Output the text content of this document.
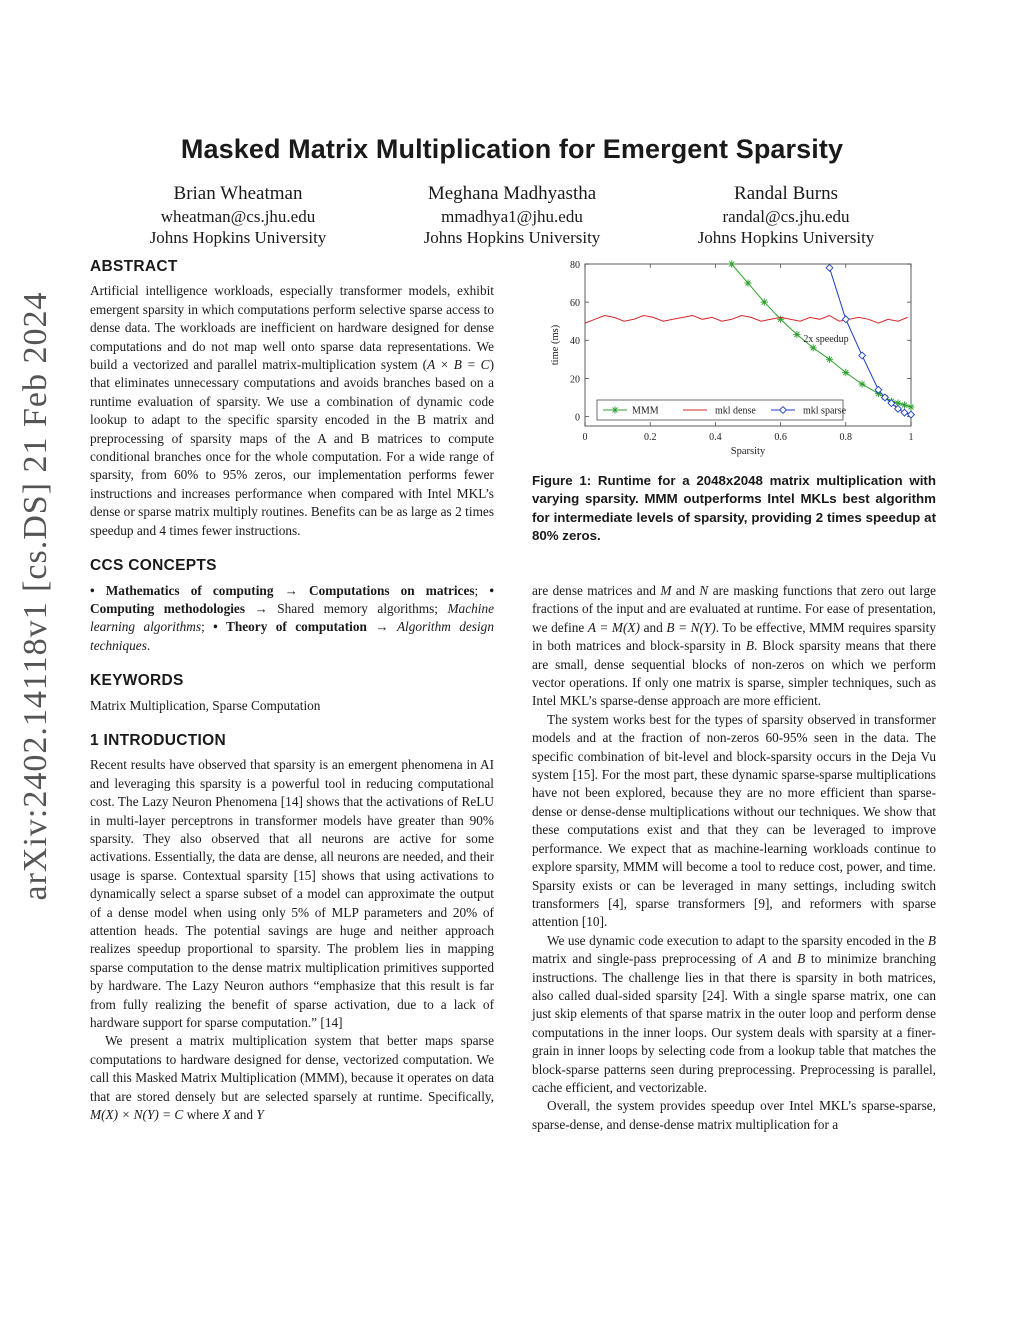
arXiv:2402.14118v1 [cs.DS] 21 Feb 2024
Masked Matrix Multiplication for Emergent Sparsity
Brian Wheatman
wheatman@cs.jhu.edu
Johns Hopkins University
Meghana Madhyastha
mmadhya1@jhu.edu
Johns Hopkins University
Randal Burns
randal@cs.jhu.edu
Johns Hopkins University
ABSTRACT

Artificial intelligence workloads, especially transformer models, exhibit emergent sparsity in which computations perform selective sparse access to dense data. The workloads are inefficient on hardware designed for dense computations and do not map well onto sparse data representations. We build a vectorized and parallel matrix-multiplication system (A × B = C) that eliminates unnecessary computations and avoids branches based on a runtime evaluation of sparsity. We use a combination of dynamic code lookup to adapt to the specific sparsity encoded in the B matrix and preprocessing of sparsity maps of the A and B matrices to compute conditional branches once for the whole computation. For a wide range of sparsity, from 60% to 95% zeros, our implementation performs fewer instructions and increases performance when compared with Intel MKL’s dense or sparse matrix multiply routines. Benefits can be as large as 2 times speedup and 4 times fewer instructions.

CCS CONCEPTS

• Mathematics of computing → Computations on matrices; • Computing methodologies → Shared memory algorithms; Machine learning algorithms; • Theory of computation → Algorithm design techniques.

KEYWORDS

Matrix Multiplication, Sparse Computation

1 INTRODUCTION

Recent results have observed that sparsity is an emergent phenomena in AI and leveraging this sparsity is a powerful tool in reducing computational cost. The Lazy Neuron Phenomena [14] shows that the activations of ReLU in multi-layer perceptrons in transformer models have greater than 90% sparsity. They also observed that all neurons are active for some activations. Essentially, the data are dense, all neurons are needed, and their usage is sparse. Contextual sparsity [15] shows that using activations to dynamically select a sparse subset of a model can approximate the output of a dense model when using only 5% of MLP parameters and 20% of attention heads. The potential savings are huge and neither approach realizes speedup proportional to sparsity. The problem lies in mapping sparse computation to the dense matrix multiplication primitives supported by hardware. The Lazy Neuron authors “emphasize that this result is far from fully realizing the benefit of sparse activation, due to a lack of hardware support for sparse computation.” [14]

We present a matrix multiplication system that better maps sparse computations to hardware designed for dense, vectorized computation. We call this Masked Matrix Multiplication (MMM), because it operates on data that are stored densely but are selected sparsely at runtime. Specifically, M(X) × N(Y) = C where X and Y

0	0.2	0.4	0.6	0.8	1
0
20
40
60
80
Sparsity
time (ms)	2x speedup
MMM	mkl dense	mkl sparse
Figure 1: Runtime for a 2048x2048 matrix multiplication with varying sparsity. MMM outperforms Intel MKLs best algorithm for intermediate levels of sparsity, providing 2 times speedup at 80% zeros.

are dense matrices and M and N are masking functions that zero out large fractions of the input and are evaluated at runtime. For ease of presentation, we define A = M(X) and B = N(Y). To be effective, MMM requires sparsity in both matrices and block-sparsity in B. Block sparsity means that there are small, dense sequential blocks of non-zeros on which we perform vector operations. If only one matrix is sparse, simpler techniques, such as Intel MKL’s sparse-dense approach are more efficient.

The system works best for the types of sparsity observed in transformer models and at the fraction of non-zeros 60-95% seen in the data. The specific combination of bit-level and block-sparsity occurs in the Deja Vu system [15]. For the most part, these dynamic sparse-sparse multiplications have not been explored, because they are no more efficient than sparse-dense or dense-dense multiplications without our techniques. We show that these computations exist and that they can be leveraged to improve performance. We expect that as machine-learning workloads continue to explore sparsity, MMM will become a tool to reduce cost, power, and time. Sparsity exists or can be leveraged in many settings, including switch transformers [4], sparse transformers [9], and reformers with sparse attention [10].

We use dynamic code execution to adapt to the sparsity encoded in the B matrix and single-pass preprocessing of A and B to minimize branching instructions. The challenge lies in that there is sparsity in both matrices, also called dual-sided sparsity [24]. With a single sparse matrix, one can just skip elements of that sparse matrix in the outer loop and perform dense computations in the inner loops. Our system deals with sparsity at a finer-grain in inner loops by selecting code from a lookup table that matches the block-sparse patterns seen during preprocessing. Preprocessing is parallel, cache efficient, and vectorizable.

Overall, the system provides speedup over Intel MKL’s sparse-sparse, sparse-dense, and dense-dense matrix multiplication for a
